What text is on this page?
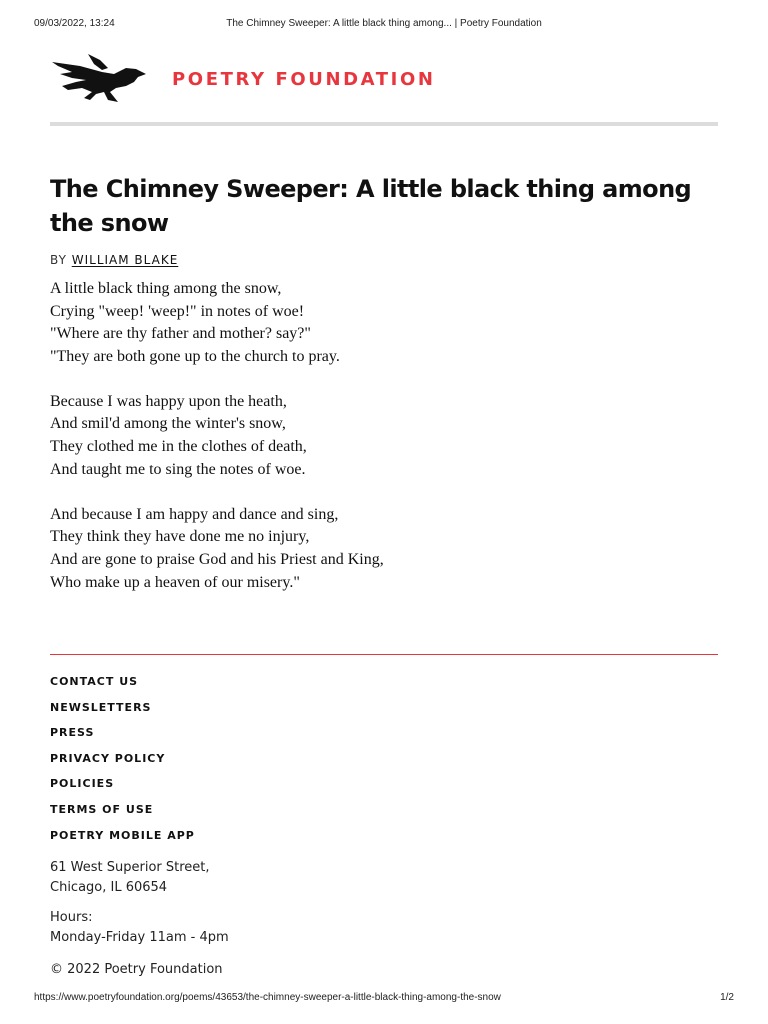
09/03/2022, 13:24	The Chimney Sweeper: A little black thing among... | Poetry Foundation
POETRY FOUNDATION
The Chimney Sweeper: A little black thing among the snow
BY WILLIAM BLAKE
A little black thing among the snow,
Crying "weep! 'weep!" in notes of woe!
"Where are thy father and mother? say?"
"They are both gone up to the church to pray.
Because I was happy upon the heath,
And smil'd among the winter's snow,
They clothed me in the clothes of death,
And taught me to sing the notes of woe.
And because I am happy and dance and sing,
They think they have done me no injury,
And are gone to praise God and his Priest and King,
Who make up a heaven of our misery."
CONTACT US
NEWSLETTERS
PRESS
PRIVACY POLICY
POLICIES
TERMS OF USE
POETRY MOBILE APP
61 West Superior Street,
Chicago, IL 60654
Hours:
Monday-Friday 11am - 4pm
© 2022 Poetry Foundation
https://www.poetryfoundation.org/poems/43653/the-chimney-sweeper-a-little-black-thing-among-the-snow	1/2
